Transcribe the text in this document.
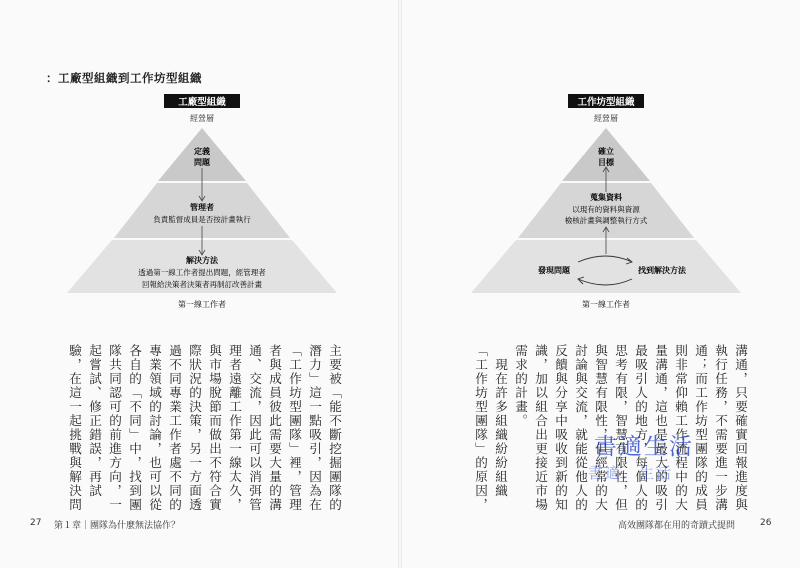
：工廠型組織到工作坊型組織
工廠型組織
經營層
定義
問題
管理者
負責監督成員是否按計畫執行
解決方法
透過第一線工作者提出問題，經管理者
回報給決策者決策者再制訂改善計畫
第一線工作者
工作坊型組織
經營層
確立
目標
蒐集資料
以現有的資料與資源
檢核計畫與調整執行方式
發現問題	找到解決方法
第一線工作者
主要被「能不斷挖掘團隊的
潛力」這一點吸引，因為在
「工作坊型團隊」裡，管理
者與成員彼此需要大量的溝
通、交流，因此可以消弭管
理者遠離工作第一線太久，
與市場脫節而做出不符合實
際狀況的決策，另一方面透
過不同專業工作者處不同的
專業領域的討論，也可以從
各自的「不同」中，找到團
隊共同認可的前進方向，一
起嘗試、修正錯誤，再試
驗，在這一起挑戰與解決問	溝通，只要確實回報進度與
執行任務，不需要進一步溝
通；而工作坊型團隊的成員
則非常仰賴工作流程中的大
量溝通，這也是最大的吸引
最吸引人的地方，每個人的
思考有限，智慧有限性，但
與智慧有限性，但經常的大
討論與交流，就能從他人的
反饋與分享中吸收到新的知
識，加以組合出更接近市場
需求的計畫。
　現在許多組織紛紛組織
「工作坊型團隊」的原因，	書適生活
書適．生活
27 第１章｜團隊為什麼無法協作？	高效團隊都在用的奇蹟式提問	26
